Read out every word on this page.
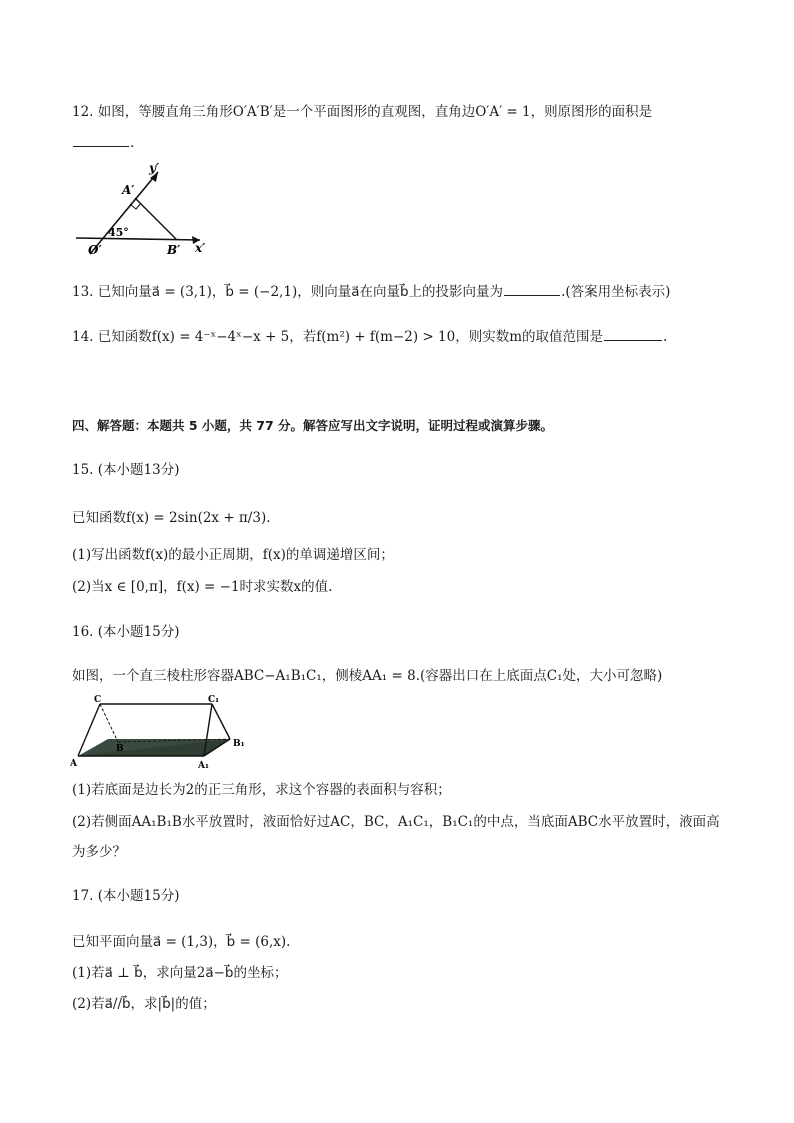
12. 如图，等腰直角三角形O′A′B′是一个平面图形的直观图，直角边O′A′ = 1，则原图形的面积是
.
y′
A′
45°
O′	B′ x′
13. 已知向量a⃗ = (3,1)，b⃗ = (−2,1)，则向量a⃗在向量b⃗上的投影向量为	.(答案用坐标表示)
14. 已知函数f(x) = 4⁻ˣ−4ˣ−x + 5，若f(m²) + f(m−2) > 10，则实数m的取值范围是	.
四、解答题：本题共 5 小题，共 77 分。解答应写出文字说明，证明过程或演算步骤。
15. (本小题13分)
已知函数f(x) = 2sin(2x + π/3).
(1)写出函数f(x)的最小正周期，f(x)的单调递增区间；
(2)当x ∈ [0,π]，f(x) = −1时求实数x的值.
16. (本小题15分)
如图，一个直三棱柱形容器ABC−A₁B₁C₁，侧棱AA₁ = 8.(容器出口在上底面点C₁处，大小可忽略)
C	C₁
B	B₁
A	A₁
(1)若底面是边长为2的正三角形，求这个容器的表面积与容积；
(2)若侧面AA₁B₁B水平放置时，液面恰好过AC，BC，A₁C₁，B₁C₁的中点，当底面ABC水平放置时，液面高
为多少？
17. (本小题15分)
已知平面向量a⃗ = (1,3)，b⃗ = (6,x).
(1)若a⃗ ⊥ b⃗，求向量2a⃗−b⃗的坐标；
(2)若a⃗//b⃗，求|b⃗|的值；
